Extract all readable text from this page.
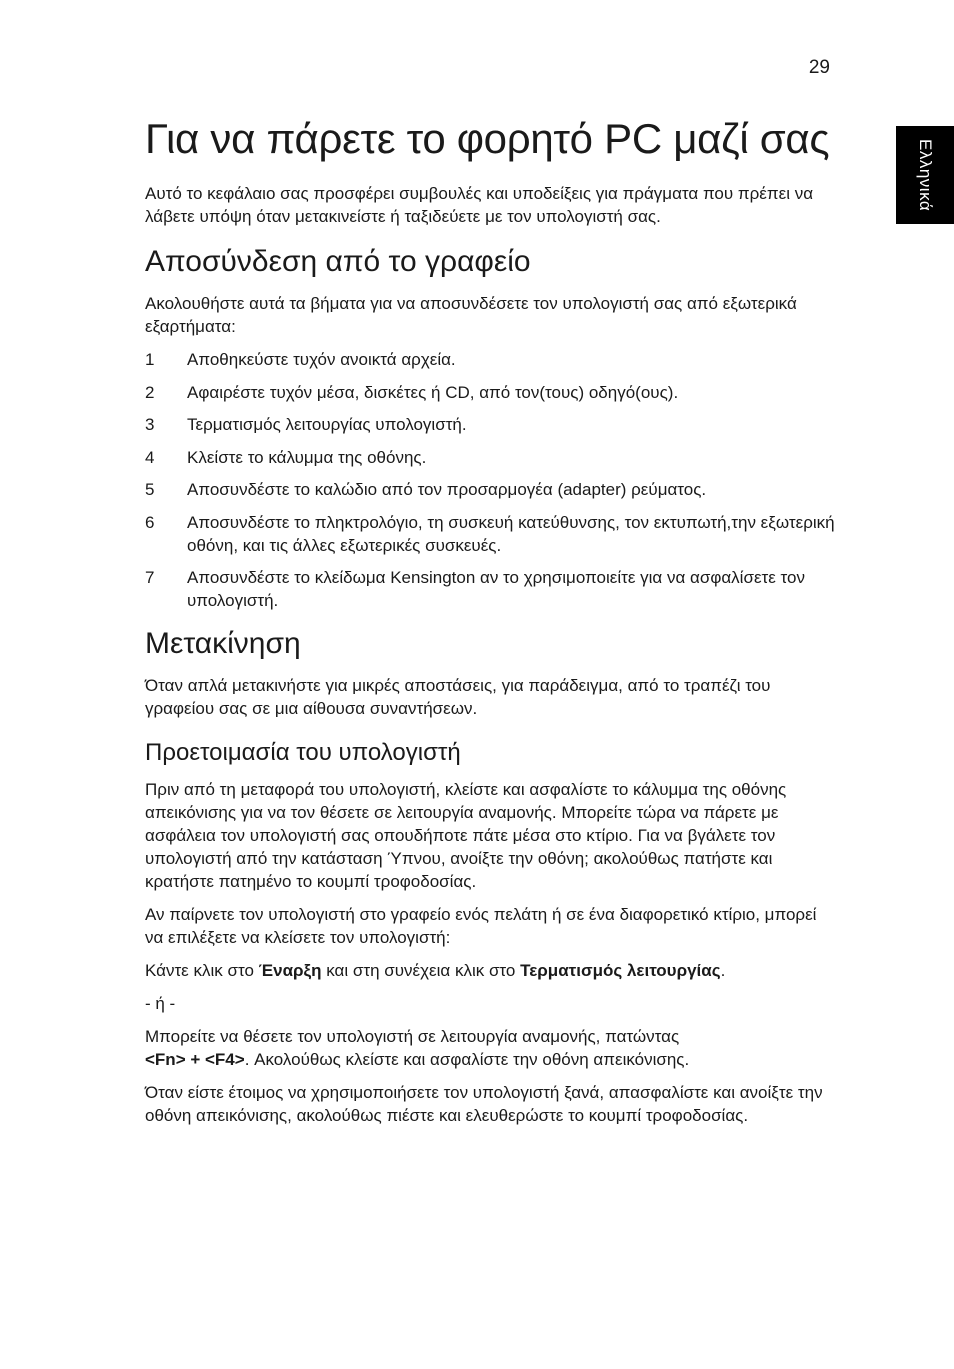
29
Ελληνικά
Για να πάρετε το φορητό PC μαζί σας

Αυτό το κεφάλαιο σας προσφέρει συμβουλές και υποδείξεις για πράγματα που πρέπει να λάβετε υπόψη όταν μετακινείστε ή ταξιδεύετε με τον υπολογιστή σας.

Αποσύνδεση από το γραφείο

Ακολουθήστε αυτά τα βήματα για να αποσυνδέσετε τον υπολογιστή σας από εξωτερικά εξαρτήματα:

1	Αποθηκεύστε τυχόν ανοικτά αρχεία.
2	Αφαιρέστε τυχόν μέσα, δισκέτες ή CD, από τον(τους) οδηγό(ους).
3	Τερματισμός λειτουργίας υπολογιστή.
4	Κλείστε το κάλυμμα της οθόνης.
5	Αποσυνδέστε το καλώδιο από τον προσαρμογέα (adapter) ρεύματος.
6	Αποσυνδέστε το πληκτρολόγιο, τη συσκευή κατεύθυνσης, τον εκτυπωτή,την εξωτερική οθόνη, και τις άλλες εξωτερικές συσκευές.
7	Αποσυνδέστε το κλείδωμα Kensington αν το χρησιμοποιείτε για να ασφαλίσετε τον υπολογιστή.
Μετακίνηση

Όταν απλά μετακινήστε για μικρές αποστάσεις, για παράδειγμα, από το τραπέζι του γραφείου σας σε μια αίθουσα συναντήσεων.

Προετοιμασία του υπολογιστή

Πριν από τη μεταφορά του υπολογιστή, κλείστε και ασφαλίστε το κάλυμμα της οθόνης απεικόνισης για να τον θέσετε σε λειτουργία αναμονής. Μπορείτε τώρα να πάρετε με ασφάλεια τον υπολογιστή σας οπουδήποτε πάτε μέσα στο κτίριο. Για να βγάλετε τον υπολογιστή από την κατάσταση Ύπνου, ανοίξτε την οθόνη; ακολούθως πατήστε και κρατήστε πατημένο το κουμπί τροφοδοσίας.

Αν παίρνετε τον υπολογιστή στο γραφείο ενός πελάτη ή σε ένα διαφορετικό κτίριο, μπορεί να επιλέξετε να κλείσετε τον υπολογιστή:

Κάντε κλικ στο Έναρξη και στη συνέχεια κλικ στο Τερματισμός λειτουργίας.

- ή -

Μπορείτε να θέσετε τον υπολογιστή σε λειτουργία αναμονής, πατώντας
<Fn> + <F4>. Ακολούθως κλείστε και ασφαλίστε την οθόνη απεικόνισης.

Όταν είστε έτοιμος να χρησιμοποιήσετε τον υπολογιστή ξανά, απασφαλίστε και ανοίξτε την οθόνη απεικόνισης, ακολούθως πιέστε και ελευθερώστε το κουμπί τροφοδοσίας.
